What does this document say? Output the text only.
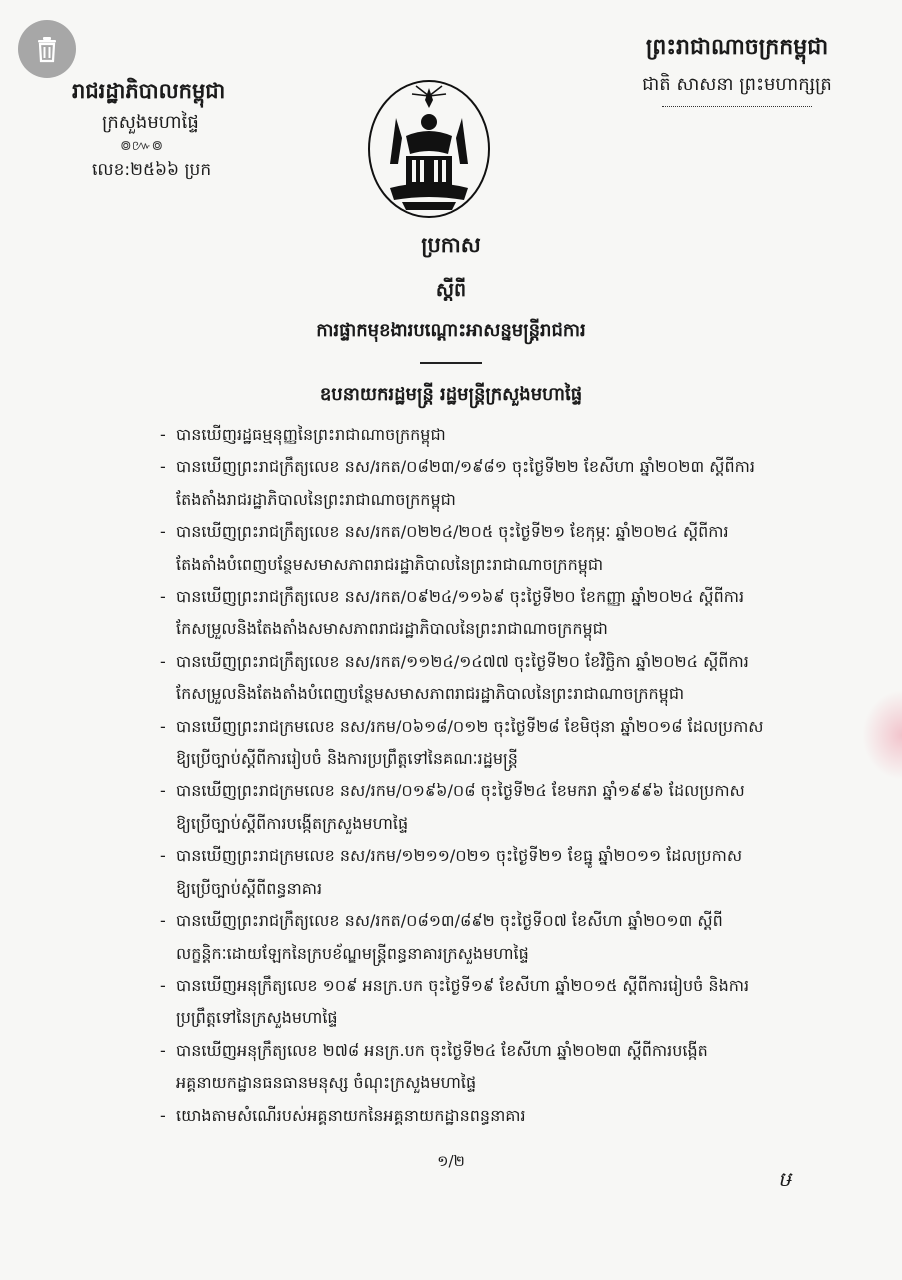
រាជរដ្ឋាភិបាលកម្ពុជា
ក្រសួងមហាផ្ទៃ
៙៚៙
លេខ:២៥៦៦ ប្រក
ព្រះរាជាណាចក្រកម្ពុជា
ជាតិ សាសនា ព្រះមហាក្សត្រ
ប្រកាស
ស្តីពី
ការផ្ទាកមុខងារបណ្តោះអាសន្នមន្ត្រីរាជការ
ឧបនាយករដ្ឋមន្ត្រី រដ្ឋមន្ត្រីក្រសួងមហាផ្ទៃ
- បានឃើញរដ្ឋធម្មនុញ្ញនៃព្រះរាជាណាចក្រកម្ពុជា
- បានឃើញព្រះរាជក្រឹត្យលេខ នស/រកត/០៨២៣/១៩៨១ ចុះថ្ងៃទី២២ ខែសីហា ឆ្នាំ២០២៣ ស្តីពីការ
តែងតាំងរាជរដ្ឋាភិបាលនៃព្រះរាជាណាចក្រកម្ពុជា
- បានឃើញព្រះរាជក្រឹត្យលេខ នស/រកត/០២២៤/២០៥ ចុះថ្ងៃទី២១ ខែកុម្ភៈ ឆ្នាំ២០២៤ ស្តីពីការ
តែងតាំងបំពេញបន្ថែមសមាសភាពរាជរដ្ឋាភិបាលនៃព្រះរាជាណាចក្រកម្ពុជា
- បានឃើញព្រះរាជក្រឹត្យលេខ នស/រកត/០៩២៤/១១៦៩ ចុះថ្ងៃទី២០ ខែកញ្ញា ឆ្នាំ២០២៤ ស្តីពីការ
កែសម្រួលនិងតែងតាំងសមាសភាពរាជរដ្ឋាភិបាលនៃព្រះរាជាណាចក្រកម្ពុជា
- បានឃើញព្រះរាជក្រឹត្យលេខ នស/រកត/១១២៤/១៤៧៧ ចុះថ្ងៃទី២០ ខែវិច្ឆិកា ឆ្នាំ២០២៤ ស្តីពីការ
កែសម្រួលនិងតែងតាំងបំពេញបន្ថែមសមាសភាពរាជរដ្ឋាភិបាលនៃព្រះរាជាណាចក្រកម្ពុជា
- បានឃើញព្រះរាជក្រមលេខ នស/រកម/០៦១៨/០១២ ចុះថ្ងៃទី២៨ ខែមិថុនា ឆ្នាំ២០១៨ ដែលប្រកាស
ឱ្យប្រើច្បាប់ស្តីពីការរៀបចំ និងការប្រព្រឹត្តទៅនៃគណៈរដ្ឋមន្ត្រី
- បានឃើញព្រះរាជក្រមលេខ នស/រកម/០១៩៦/០៨ ចុះថ្ងៃទី២៤ ខែមករា ឆ្នាំ១៩៩៦ ដែលប្រកាស
ឱ្យប្រើច្បាប់ស្តីពីការបង្កើតក្រសួងមហាផ្ទៃ
- បានឃើញព្រះរាជក្រមលេខ នស/រកម/១២១១/០២១ ចុះថ្ងៃទី២១ ខែធ្នូ ឆ្នាំ២០១១ ដែលប្រកាស
ឱ្យប្រើច្បាប់ស្តីពីពន្ធនាគារ
- បានឃើញព្រះរាជក្រឹត្យលេខ នស/រកត/០៨១៣/៨៩២ ចុះថ្ងៃទី០៧ ខែសីហា ឆ្នាំ២០១៣ ស្តីពី
លក្ខន្តិកៈដោយឡែកនៃក្របខ័ណ្ឌមន្ត្រីពន្ធនាគារក្រសួងមហាផ្ទៃ
- បានឃើញអនុក្រឹត្យលេខ ១០៩ អនក្រ.បក ចុះថ្ងៃទី១៩ ខែសីហា ឆ្នាំ២០១៥ ស្តីពីការរៀបចំ និងការ
ប្រព្រឹត្តទៅនៃក្រសួងមហាផ្ទៃ
- បានឃើញអនុក្រឹត្យលេខ ២៧៨ អនក្រ.បក ចុះថ្ងៃទី២៤ ខែសីហា ឆ្នាំ២០២៣ ស្តីពីការបង្កើត
អគ្គនាយកដ្ឋានធនធានមនុស្ស ចំណុះក្រសួងមហាផ្ទៃ
- យោងតាមសំណើរបស់អគ្គនាយកនៃអគ្គនាយកដ្ឋានពន្ធនាគារ
១/២
ឞ
